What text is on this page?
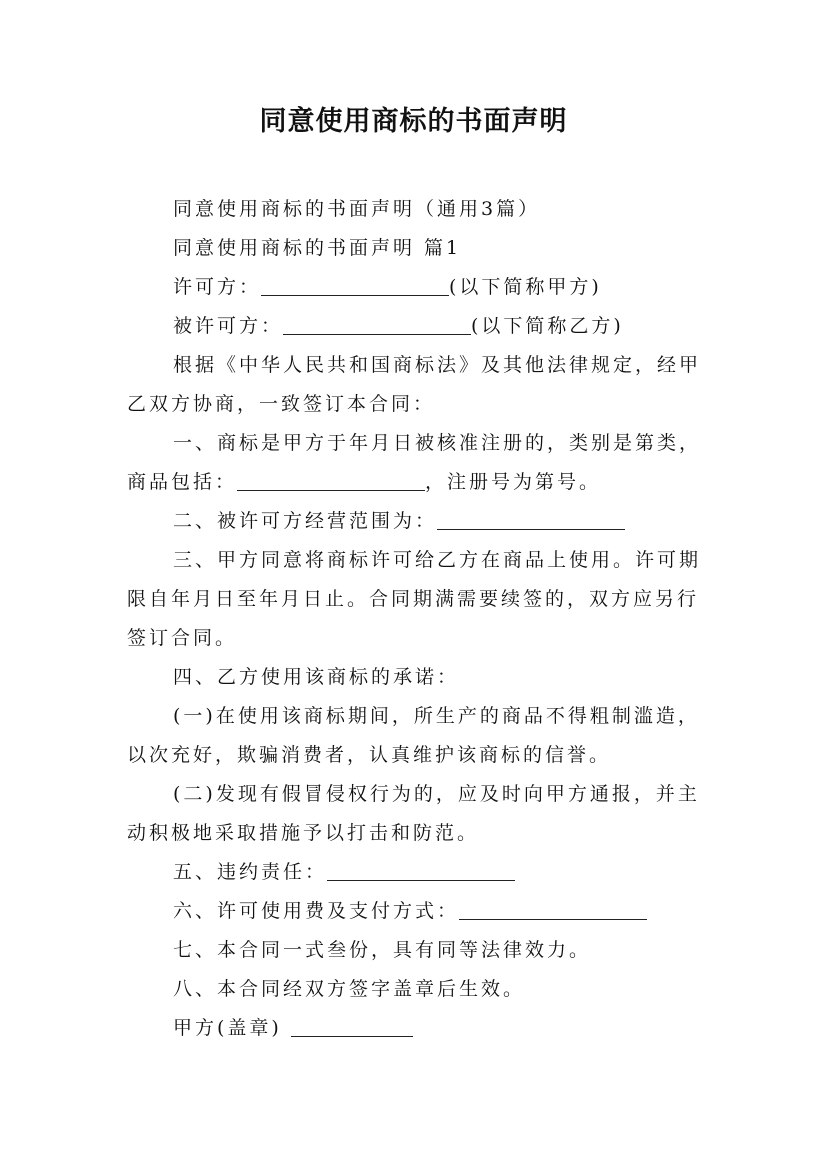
同意使用商标的书面声明

同意使用商标的书面声明（通用3篇）

同意使用商标的书面声明 篇1

许可方：	(以下简称甲方)

被许可方：	(以下简称乙方)

根据《中华人民共和国商标法》及其他法律规定，经甲乙双方协商，一致签订本合同：

一、商标是甲方于年月日被核准注册的，类别是第类，商品包括：	，注册号为第号。

二、被许可方经营范围为：

三、甲方同意将商标许可给乙方在商品上使用。许可期限自年月日至年月日止。合同期满需要续签的，双方应另行签订合同。

四、乙方使用该商标的承诺：

(一)在使用该商标期间，所生产的商品不得粗制滥造，以次充好，欺骗消费者，认真维护该商标的信誉。

(二)发现有假冒侵权行为的，应及时向甲方通报，并主动积极地采取措施予以打击和防范。

五、违约责任：

六、许可使用费及支付方式：

七、本合同一式叁份，具有同等法律效力。

八、本合同经双方签字盖章后生效。

甲方(盖章)
